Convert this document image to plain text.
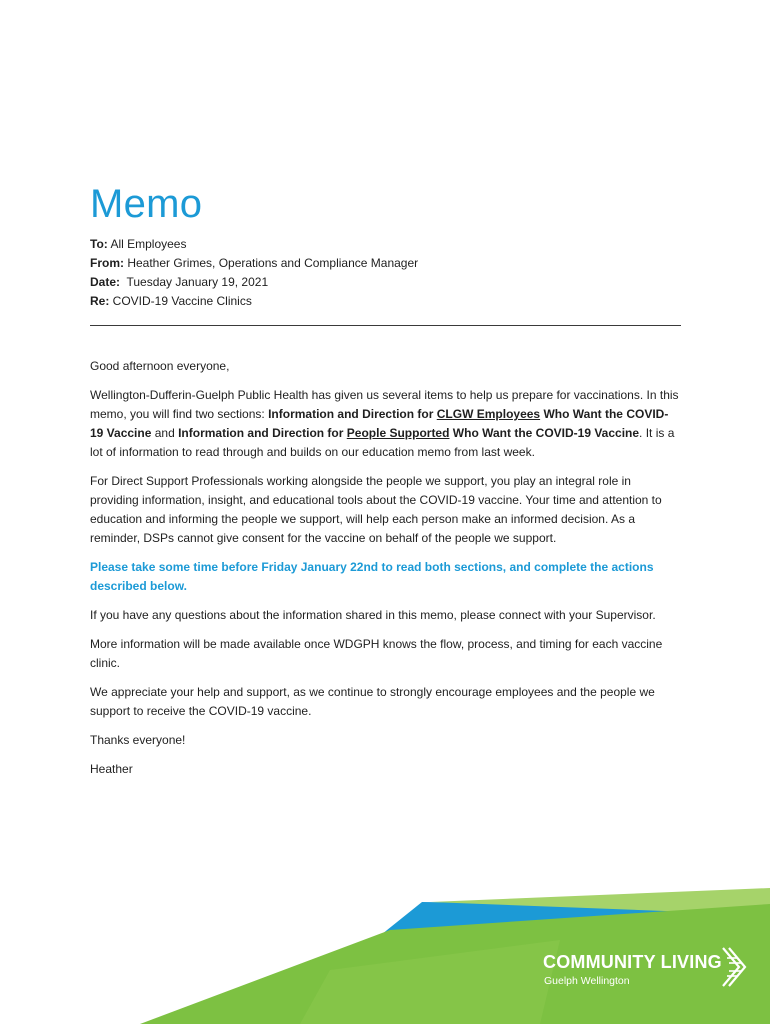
Memo
To: All Employees
From: Heather Grimes, Operations and Compliance Manager
Date:  Tuesday January 19, 2021
Re: COVID-19 Vaccine Clinics

Good afternoon everyone,

Wellington-Dufferin-Guelph Public Health has given us several items to help us prepare for vaccinations. In this memo, you will find two sections: Information and Direction for CLGW Employees Who Want the COVID-19 Vaccine and Information and Direction for People Supported Who Want the COVID-19 Vaccine. It is a lot of information to read through and builds on our education memo from last week.

For Direct Support Professionals working alongside the people we support, you play an integral role in providing information, insight, and educational tools about the COVID-19 vaccine. Your time and attention to education and informing the people we support, will help each person make an informed decision. As a reminder, DSPs cannot give consent for the vaccine on behalf of the people we support.

Please take some time before Friday January 22nd to read both sections, and complete the actions described below.

If you have any questions about the information shared in this memo, please connect with your Supervisor.

More information will be made available once WDGPH knows the flow, process, and timing for each vaccine clinic.

We appreciate your help and support, as we continue to strongly encourage employees and the people we support to receive the COVID-19 vaccine.

Thanks everyone!

Heather

COMMUNITY LIVING
Guelph Wellington
